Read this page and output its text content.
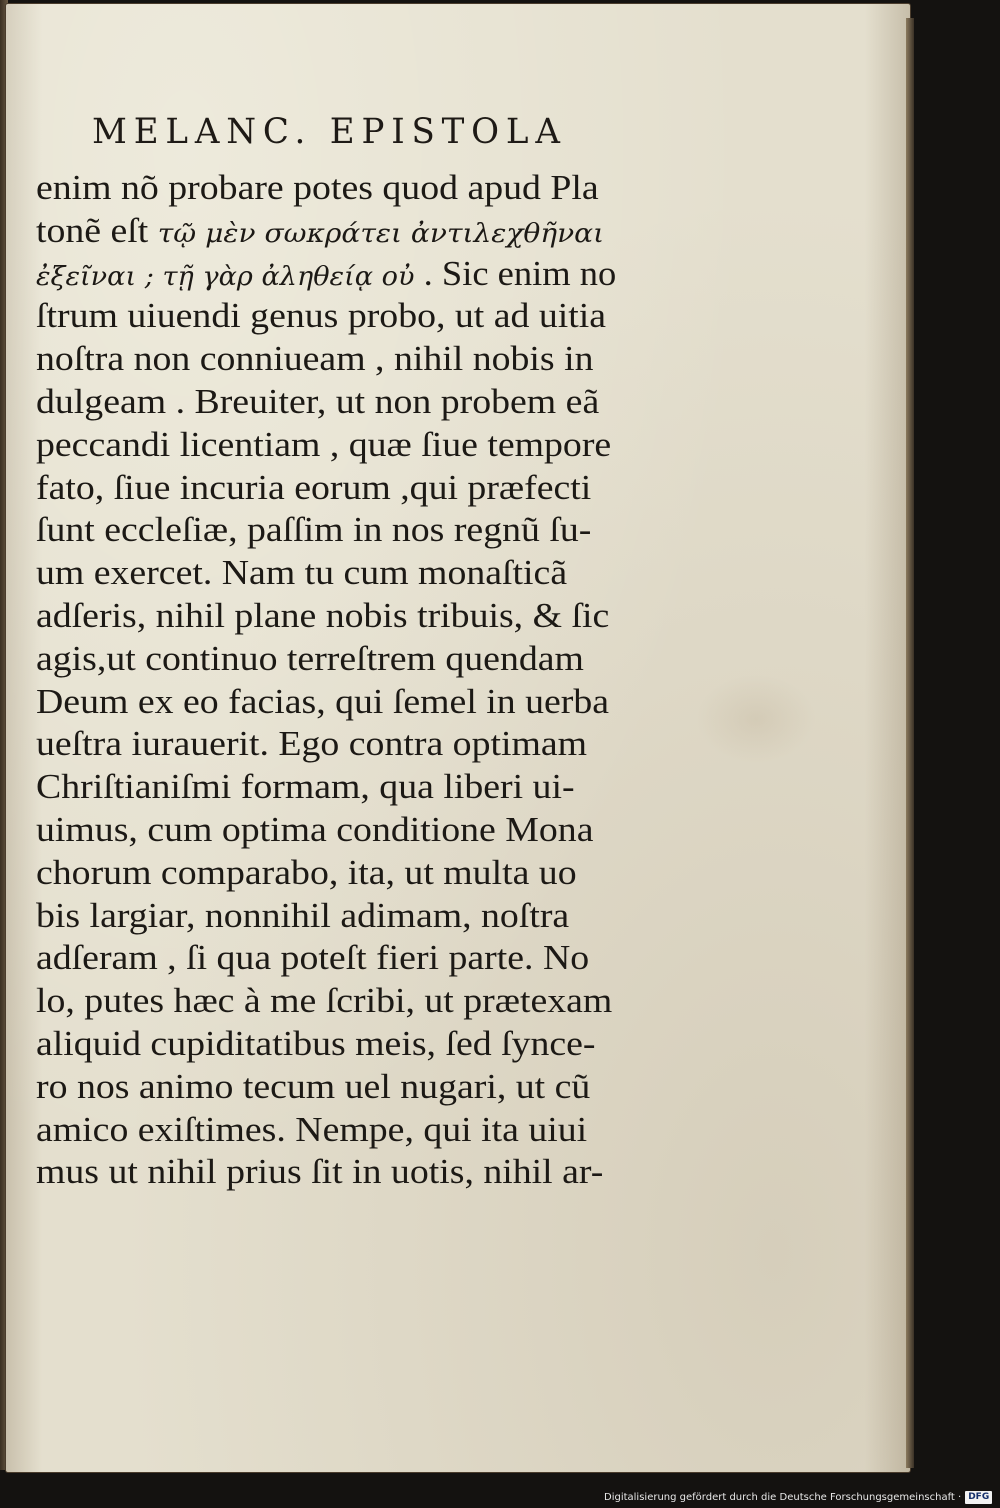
MELANC. EPISTOLA
enim nõ probare potes quod apud Pla
tonẽ eſt τῷ μὲν σωκράτει ἀντιλεχθῆναι
ἐξεῖναι ; τῇ γὰρ ἀληθείᾳ οὐ . Sic enim no
ſtrum uiuendi genus probo, ut ad uitia
noſtra non conniueam , nihil nobis in
dulgeam . Breuiter, ut non probem eã
peccandi licentiam , quæ ſiue tempore
fato, ſiue incuria eorum ,qui præfecti
ſunt eccleſiæ, paſſim in nos regnũ ſu-
um exercet. Nam tu cum monaſticã
adſeris, nihil plane nobis tribuis, & ſic
agis,ut continuo terreſtrem quendam
Deum ex eo facias, qui ſemel in uerba
ueſtra iurauerit. Ego contra optimam
Chriſtianiſmi formam, qua liberi ui-
uimus, cum optima conditione Mona
chorum comparabo, ita, ut multa uo
bis largiar, nonnihil adimam, noſtra
adſeram , ſi qua poteſt fieri parte. No
lo, putes hæc à me ſcribi, ut prætexam
aliquid cupiditatibus meis, ſed ſynce-
ro nos animo tecum uel nugari, ut cũ
amico exiſtimes. Nempe, qui ita uiui
mus ut nihil prius ſit in uotis, nihil ar-
Digitalisierung gefördert durch die Deutsche Forschungsgemeinschaft · DFG
